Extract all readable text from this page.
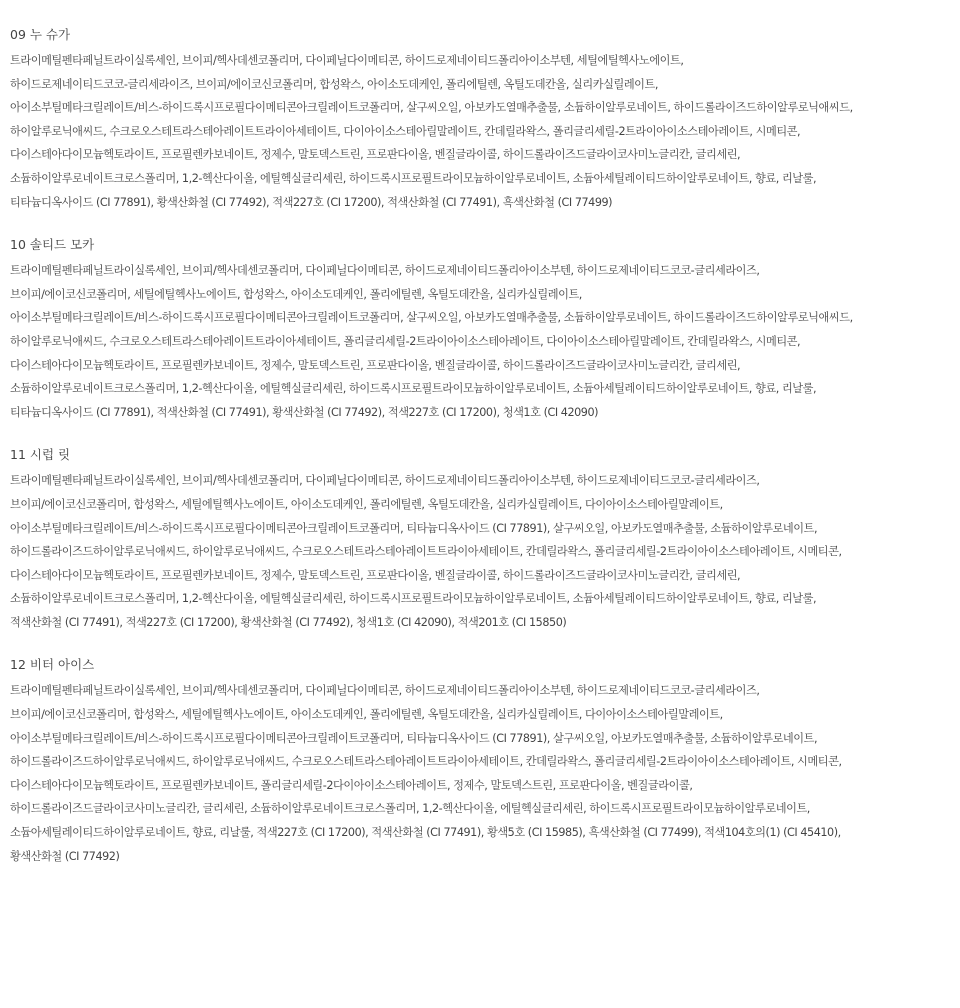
09 누 슈가
트라이메틸펜타페닐트라이실록세인, 브이피/헥사데센코폴리머, 다이페닐다이메티콘, 하이드로제네이티드폴리아이소부텐, 세틸에틸헥사노에이트,
하이드로제네이티드코코-글리세라이즈, 브이피/에이코신코폴리머, 합성왁스, 아이소도데케인, 폴리에틸렌, 옥틸도데칸올, 실리카실릴레이트,
아이소부틸메타크릴레이트/비스-하이드록시프로필다이메티콘아크릴레이트코폴리머, 살구씨오일, 아보카도열매추출물, 소듐하이알루로네이트, 하이드롤라이즈드하이알루로닉애씨드,
하이알루로닉애씨드, 수크로오스테트라스테아레이트트라이아세테이트, 다이아이소스테아릴말레이트, 칸데릴라왁스, 폴리글리세릴-2트라이아이소스테아레이트, 시메티콘,
다이스테아다이모늄헥토라이트, 프로필렌카보네이트, 정제수, 말토덱스트린, 프로판다이올, 벤질글라이콜, 하이드롤라이즈드글라이코사미노글리칸, 글리세린,
소듐하이알루로네이트크로스폴리머, 1,2-헥산다이올, 에틸헥실글리세린, 하이드록시프로필트라이모늄하이알루로네이트, 소듐아세틸레이티드하이알루로네이트, 향료, 리날룰,
티타늄디옥사이드 (CI 77891), 황색산화철 (CI 77492), 적색227호 (CI 17200), 적색산화철 (CI 77491), 흑색산화철 (CI 77499)
10 솔티드 모카
트라이메틸펜타페닐트라이실록세인, 브이피/헥사데센코폴리머, 다이페닐다이메티콘, 하이드로제네이티드폴리아이소부텐, 하이드로제네이티드코코-글리세라이즈,
브이피/에이코신코폴리머, 세틸에틸헥사노에이트, 합성왁스, 아이소도데케인, 폴리에틸렌, 옥틸도데칸올, 실리카실릴레이트,
아이소부틸메타크릴레이트/비스-하이드록시프로필다이메티콘아크릴레이트코폴리머, 살구씨오일, 아보카도열매추출물, 소듐하이알루로네이트, 하이드롤라이즈드하이알루로닉애씨드,
하이알루로닉애씨드, 수크로오스테트라스테아레이트트라이아세테이트, 폴리글리세릴-2트라이아이소스테아레이트, 다이아이소스테아릴말레이트, 칸데릴라왁스, 시메티콘,
다이스테아다이모늄헥토라이트, 프로필렌카보네이트, 정제수, 말토덱스트린, 프로판다이올, 벤질글라이콜, 하이드롤라이즈드글라이코사미노글리칸, 글리세린,
소듐하이알루로네이트크로스폴리머, 1,2-헥산다이올, 에틸헥실글리세린, 하이드록시프로필트라이모늄하이알루로네이트, 소듐아세틸레이티드하이알루로네이트, 향료, 리날룰,
티타늄디옥사이드 (CI 77891), 적색산화철 (CI 77491), 황색산화철 (CI 77492), 적색227호 (CI 17200), 청색1호 (CI 42090)
11 시럽 릿
트라이메틸펜타페닐트라이실록세인, 브이피/헥사데센코폴리머, 다이페닐다이메티콘, 하이드로제네이티드폴리아이소부텐, 하이드로제네이티드코코-글리세라이즈,
브이피/에이코신코폴리머, 합성왁스, 세틸에틸헥사노에이트, 아이소도데케인, 폴리에틸렌, 옥틸도데칸올, 실리카실릴레이트, 다이아이소스테아릴말레이트,
아이소부틸메타크릴레이트/비스-하이드록시프로필다이메티콘아크릴레이트코폴리머, 티타늄디옥사이드 (CI 77891), 살구씨오일, 아보카도열매추출물, 소듐하이알루로네이트,
하이드롤라이즈드하이알루로닉애씨드, 하이알루로닉애씨드, 수크로오스테트라스테아레이트트라이아세테이트, 칸데릴라왁스, 폴리글리세릴-2트라이아이소스테아레이트, 시메티콘,
다이스테아다이모늄헥토라이트, 프로필렌카보네이트, 정제수, 말토덱스트린, 프로판다이올, 벤질글라이콜, 하이드롤라이즈드글라이코사미노글리칸, 글리세린,
소듐하이알루로네이트크로스폴리머, 1,2-헥산다이올, 에틸헥실글리세린, 하이드록시프로필트라이모늄하이알루로네이트, 소듐아세틸레이티드하이알루로네이트, 향료, 리날룰,
적색산화철 (CI 77491), 적색227호 (CI 17200), 황색산화철 (CI 77492), 청색1호 (CI 42090), 적색201호 (CI 15850)
12 비터 아이스
트라이메틸펜타페닐트라이실록세인, 브이피/헥사데센코폴리머, 다이페닐다이메티콘, 하이드로제네이티드폴리아이소부텐, 하이드로제네이티드코코-글리세라이즈,
브이피/에이코신코폴리머, 합성왁스, 세틸에틸헥사노에이트, 아이소도데케인, 폴리에틸렌, 옥틸도데칸올, 실리카실릴레이트, 다이아이소스테아릴말레이트,
아이소부틸메타크릴레이트/비스-하이드록시프로필다이메티콘아크릴레이트코폴리머, 티타늄디옥사이드 (CI 77891), 살구씨오일, 아보카도열매추출물, 소듐하이알루로네이트,
하이드롤라이즈드하이알루로닉애씨드, 하이알루로닉애씨드, 수크로오스테트라스테아레이트트라이아세테이트, 칸데릴라왁스, 폴리글리세릴-2트라이아이소스테아레이트, 시메티콘,
다이스테아다이모늄헥토라이트, 프로필렌카보네이트, 폴리글리세릴-2다이아이소스테아레이트, 정제수, 말토덱스트린, 프로판다이올, 벤질글라이콜,
하이드롤라이즈드글라이코사미노글리칸, 글리세린, 소듐하이알루로네이트크로스폴리머, 1,2-헥산다이올, 에틸헥실글리세린, 하이드록시프로필트라이모늄하이알루로네이트,
소듐아세틸레이티드하이알루로네이트, 향료, 리날룰, 적색227호 (CI 17200), 적색산화철 (CI 77491), 황색5호 (CI 15985), 흑색산화철 (CI 77499), 적색104호의(1) (CI 45410),
황색산화철 (CI 77492)
